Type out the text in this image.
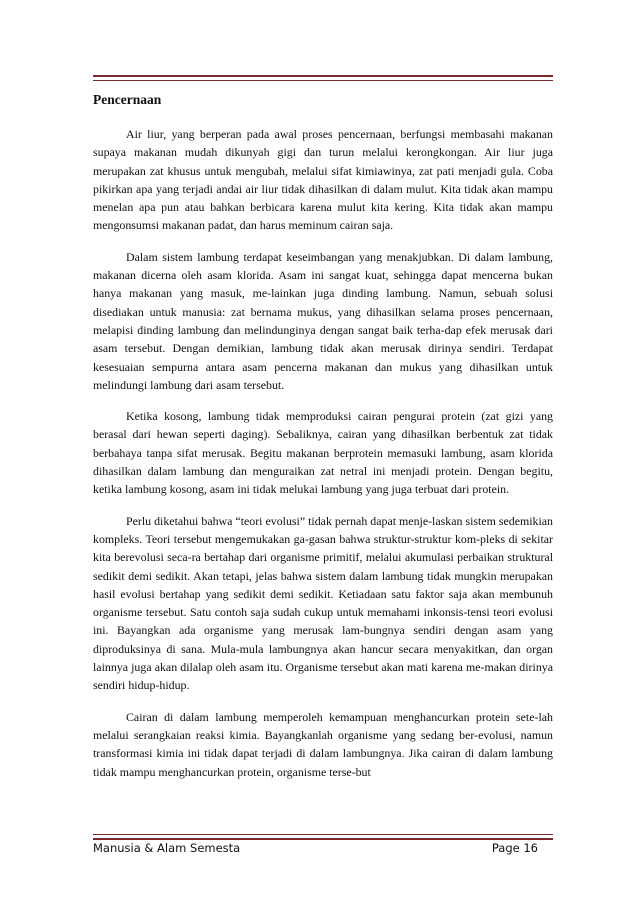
Pencernaan

Air liur, yang berperan pada awal proses pencernaan, berfungsi membasahi makanan supaya makanan mudah dikunyah gigi dan turun melalui kerongkongan. Air liur juga merupakan zat khusus untuk mengubah, melalui sifat kimiawinya, zat pati menjadi gula. Coba pikirkan apa yang terjadi andai air liur tidak dihasilkan di dalam mulut. Kita tidak akan mampu menelan apa pun atau bahkan berbicara karena mulut kita kering. Kita tidak akan mampu mengonsumsi makanan padat, dan harus meminum cairan saja.

Dalam sistem lambung terdapat keseimbangan yang menakjubkan. Di dalam lambung, makanan dicerna oleh asam klorida. Asam ini sangat kuat, sehingga dapat mencerna bukan hanya makanan yang masuk, me-lainkan juga dinding lambung. Namun, sebuah solusi disediakan untuk manusia: zat bernama mukus, yang dihasilkan selama proses pencernaan, melapisi dinding lambung dan melindunginya dengan sangat baik terha-dap efek merusak dari asam tersebut. Dengan demikian, lambung tidak akan merusak dirinya sendiri. Terdapat kesesuaian sempurna antara asam pencerna makanan dan mukus yang dihasilkan untuk melindungi lambung dari asam tersebut.

Ketika kosong, lambung tidak memproduksi cairan pengurai protein (zat gizi yang berasal dari hewan seperti daging). Sebaliknya, cairan yang dihasilkan berbentuk zat tidak berbahaya tanpa sifat merusak. Begitu makanan berprotein memasuki lambung, asam klorida dihasilkan dalam lambung dan menguraikan zat netral ini menjadi protein. Dengan begitu, ketika lambung kosong, asam ini tidak melukai lambung yang juga terbuat dari protein.

Perlu diketahui bahwa “teori evolusi” tidak pernah dapat menje-laskan sistem sedemikian kompleks. Teori tersebut mengemukakan ga-gasan bahwa struktur-struktur kom-pleks di sekitar kita berevolusi seca-ra bertahap dari organisme primitif, melalui akumulasi perbaikan struktural sedikit demi sedikit. Akan tetapi, jelas bahwa sistem dalam lambung tidak mungkin merupakan hasil evolusi bertahap yang sedikit demi sedikit. Ketiadaan satu faktor saja akan membunuh organisme tersebut. Satu contoh saja sudah cukup untuk memahami inkonsis-tensi teori evolusi ini. Bayangkan ada organisme yang merusak lam-bungnya sendiri dengan asam yang diproduksinya di sana. Mula-mula lambungnya akan hancur secara menyakitkan, dan organ lainnya juga akan dilalap oleh asam itu. Organisme tersebut akan mati karena me-makan dirinya sendiri hidup-hidup.

Cairan di dalam lambung memperoleh kemampuan menghancurkan protein sete-lah melalui serangkaian reaksi kimia. Bayangkanlah organisme yang sedang ber-evolusi, namun transformasi kimia ini tidak dapat terjadi di dalam lambungnya. Jika cairan di dalam lambung tidak mampu menghancurkan protein, organisme terse-but

Manusia & Alam Semesta	Page 16
